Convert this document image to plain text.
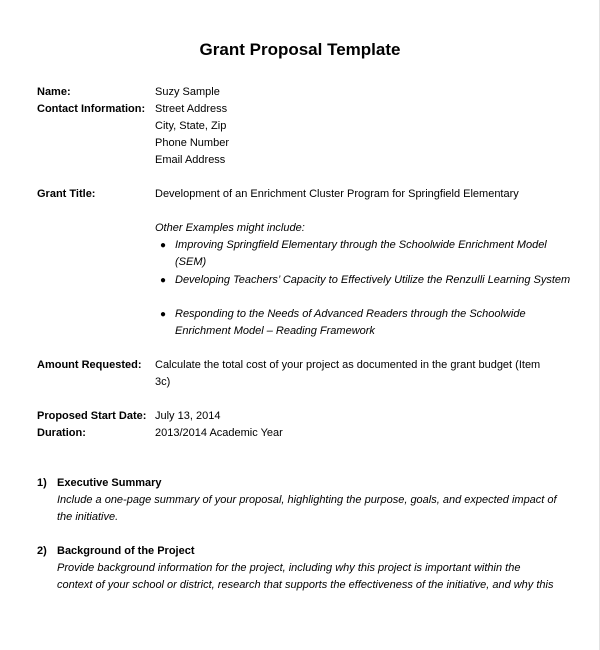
Grant Proposal Template
Name:	Suzy Sample
Contact Information: Street Address
City, State, Zip
Phone Number
Email Address
Grant Title:	Development of an Enrichment Cluster Program for Springfield Elementary
Other Examples might include:
● Improving Springfield Elementary through the Schoolwide Enrichment Model (SEM)
● Developing Teachers’ Capacity to Effectively Utilize the Renzulli Learning System
● Responding to the Needs of Advanced Readers through the Schoolwide Enrichment Model – Reading Framework
Amount Requested: Calculate the total cost of your project as documented in the grant budget (Item 3c)
Proposed Start Date: July 13, 2014
Duration:	2013/2014 Academic Year
1) Executive Summary
Include a one-page summary of your proposal, highlighting the purpose, goals, and expected impact of the initiative.
2) Background of the Project
Provide background information for the project, including why this project is important within the context of your school or district, research that supports the effectiveness of the initiative, and why this
